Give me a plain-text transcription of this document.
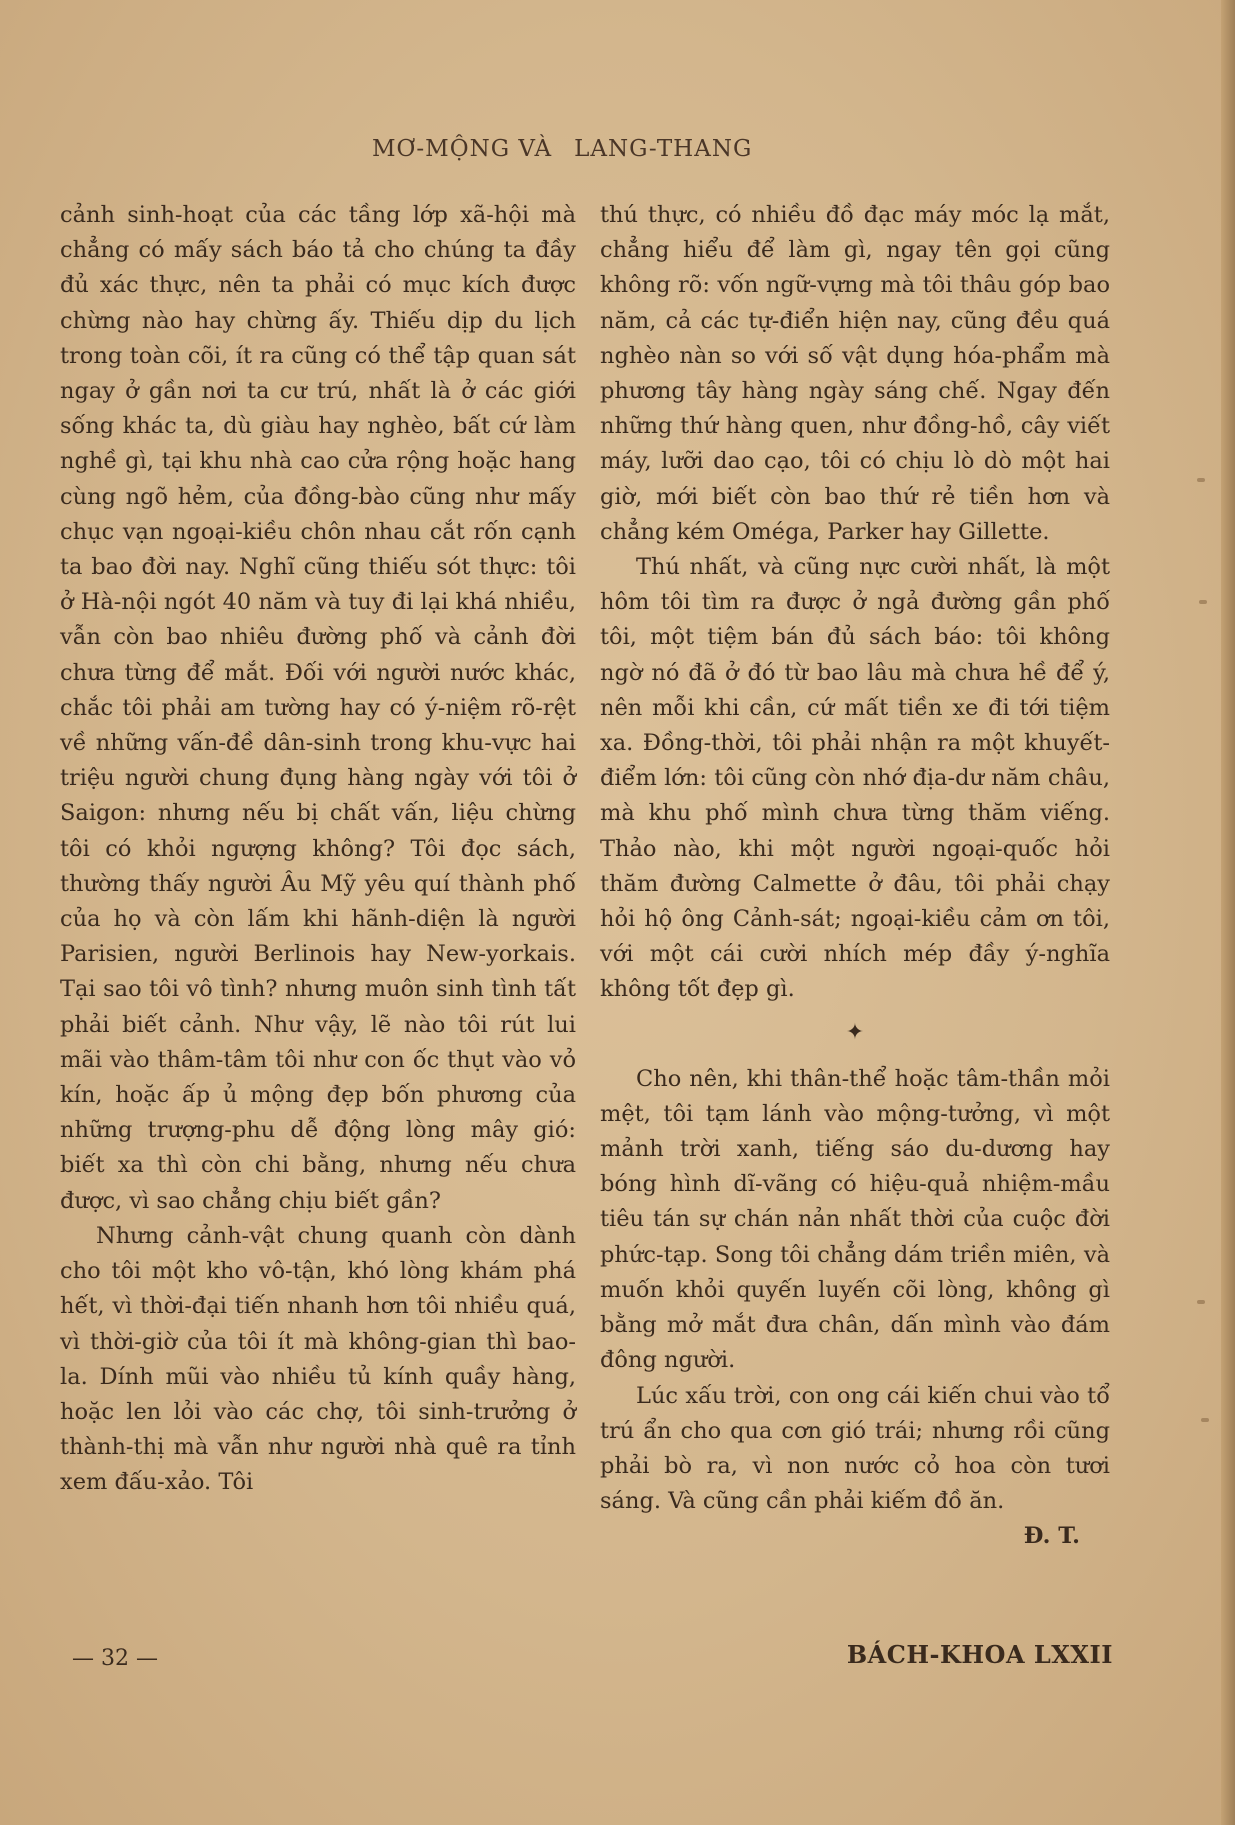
MƠ-MỘNG VÀ LANG-THANG

cảnh sinh-hoạt của các tầng lớp xã-hội mà chẳng có mấy sách báo tả cho chúng ta đầy đủ xác thực, nên ta phải có mục kích được chừng nào hay chừng ấy. Thiếu dịp du lịch trong toàn cõi, ít ra cũng có thể tập quan sát ngay ở gần nơi ta cư trú, nhất là ở các giới sống khác ta, dù giàu hay nghèo, bất cứ làm nghề gì, tại khu nhà cao cửa rộng hoặc hang cùng ngõ hẻm, của đồng-bào cũng như mấy chục vạn ngoại-kiều chôn nhau cắt rốn cạnh ta bao đời nay. Nghĩ cũng thiếu sót thực: tôi ở Hà-nội ngót 40 năm và tuy đi lại khá nhiều, vẫn còn bao nhiêu đường phố và cảnh đời chưa từng để mắt. Đối với người nước khác, chắc tôi phải am tường hay có ý-niệm rõ-rệt về những vấn-đề dân-sinh trong khu-vực hai triệu người chung đụng hàng ngày với tôi ở Saigon: nhưng nếu bị chất vấn, liệu chừng tôi có khỏi ngượng không? Tôi đọc sách, thường thấy người Âu Mỹ yêu quí thành phố của họ và còn lấm khi hãnh-diện là người Parisien, người Berlinois hay New-yorkais. Tại sao tôi vô tình? nhưng muôn sinh tình tất phải biết cảnh. Như vậy, lẽ nào tôi rút lui mãi vào thâm-tâm tôi như con ốc thụt vào vỏ kín, hoặc ấp ủ mộng đẹp bốn phương của những trượng-phu dễ động lòng mây gió: biết xa thì còn chi bằng, nhưng nếu chưa được, vì sao chẳng chịu biết gần?

Nhưng cảnh-vật chung quanh còn dành cho tôi một kho vô-tận, khó lòng khám phá hết, vì thời-đại tiến nhanh hơn tôi nhiều quá, vì thời-giờ của tôi ít mà không-gian thì bao-la. Dính mũi vào nhiều tủ kính quầy hàng, hoặc len lỏi vào các chợ, tôi sinh-trưởng ở thành-thị mà vẫn như người nhà quê ra tỉnh xem đấu-xảo. Tôi

thú thực, có nhiều đồ đạc máy móc lạ mắt, chẳng hiểu để làm gì, ngay tên gọi cũng không rõ: vốn ngữ-vựng mà tôi thâu góp bao năm, cả các tự-điển hiện nay, cũng đều quá nghèo nàn so với số vật dụng hóa-phẩm mà phương tây hàng ngày sáng chế. Ngay đến những thứ hàng quen, như đồng-hồ, cây viết máy, lưỡi dao cạo, tôi có chịu lò dò một hai giờ, mới biết còn bao thứ rẻ tiền hơn và chẳng kém Oméga, Parker hay Gillette.

Thú nhất, và cũng nực cười nhất, là một hôm tôi tìm ra được ở ngả đường gần phố tôi, một tiệm bán đủ sách báo: tôi không ngờ nó đã ở đó từ bao lâu mà chưa hề để ý, nên mỗi khi cần, cứ mất tiền xe đi tới tiệm xa. Đồng-thời, tôi phải nhận ra một khuyết-điểm lớn: tôi cũng còn nhớ địa-dư năm châu, mà khu phố mình chưa từng thăm viếng. Thảo nào, khi một người ngoại-quốc hỏi thăm đường Calmette ở đâu, tôi phải chạy hỏi hộ ông Cảnh-sát; ngoại-kiều cảm ơn tôi, với một cái cười nhích mép đầy ý-nghĩa không tốt đẹp gì.

✦

Cho nên, khi thân-thể hoặc tâm-thần mỏi mệt, tôi tạm lánh vào mộng-tưởng, vì một mảnh trời xanh, tiếng sáo du-dương hay bóng hình dĩ-vãng có hiệu-quả nhiệm-mầu tiêu tán sự chán nản nhất thời của cuộc đời phức-tạp. Song tôi chẳng dám triền miên, và muốn khỏi quyến luyến cõi lòng, không gì bằng mở mắt đưa chân, dấn mình vào đám đông người.

Lúc xấu trời, con ong cái kiến chui vào tổ trú ẩn cho qua cơn gió trái; nhưng rồi cũng phải bò ra, vì non nước cỏ hoa còn tươi sáng. Và cũng cần phải kiếm đồ ăn.

Đ. T.

— 32 —	BÁCH-KHOA LXXII
